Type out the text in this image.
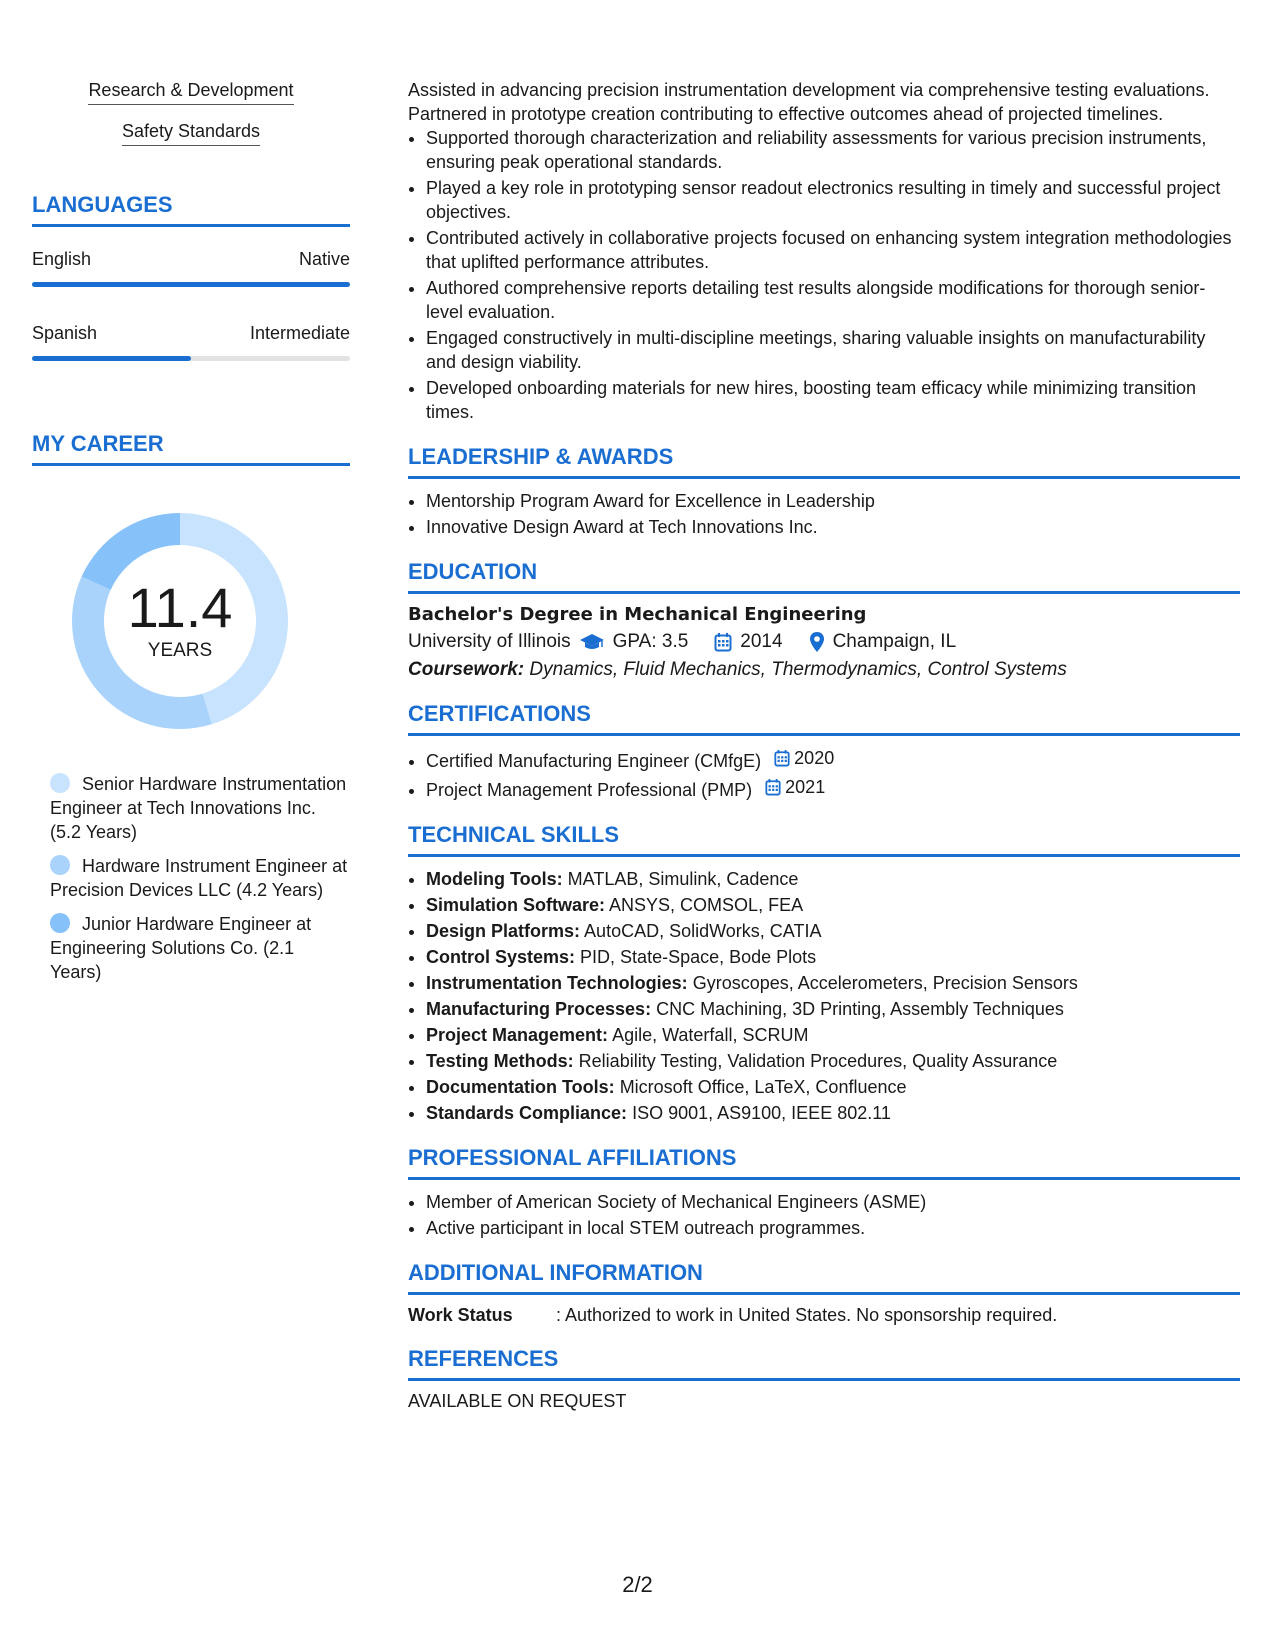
Research & Development
Safety Standards
LANGUAGES
English	Native
Spanish	Intermediate
MY CAREER
11.4
YEARS
Senior Hardware Instrumentation Engineer at Tech Innovations Inc. (5.2 Years)
Hardware Instrument Engineer at Precision Devices LLC (4.2 Years)
Junior Hardware Engineer at Engineering Solutions Co. (2.1 Years)

Assisted in advancing precision instrumentation development via comprehensive testing evaluations. Partnered in prototype creation contributing to effective outcomes ahead of projected timelines.

• Supported thorough characterization and reliability assessments for various precision instruments, ensuring peak operational standards.
• Played a key role in prototyping sensor readout electronics resulting in timely and successful project objectives.
• Contributed actively in collaborative projects focused on enhancing system integration methodologies that uplifted performance attributes.
• Authored comprehensive reports detailing test results alongside modifications for thorough senior-level evaluation.
• Engaged constructively in multi-discipline meetings, sharing valuable insights on manufacturability and design viability.
• Developed onboarding materials for new hires, boosting team efficacy while minimizing transition times.
LEADERSHIP & AWARDS
• Mentorship Program Award for Excellence in Leadership
• Innovative Design Award at Tech Innovations Inc.
EDUCATION
Bachelor's Degree in Mechanical Engineering
University of Illinois GPA: 3.5	2014	Champaign, IL

Coursework: Dynamics, Fluid Mechanics, Thermodynamics, Control Systems

CERTIFICATIONS
• Certified Manufacturing Engineer (CMfgE) 2020
• Project Management Professional (PMP) 2021
TECHNICAL SKILLS
• Modeling Tools: MATLAB, Simulink, Cadence
• Simulation Software: ANSYS, COMSOL, FEA
• Design Platforms: AutoCAD, SolidWorks, CATIA
• Control Systems: PID, State-Space, Bode Plots
• Instrumentation Technologies: Gyroscopes, Accelerometers, Precision Sensors
• Manufacturing Processes: CNC Machining, 3D Printing, Assembly Techniques
• Project Management: Agile, Waterfall, SCRUM
• Testing Methods: Reliability Testing, Validation Procedures, Quality Assurance
• Documentation Tools: Microsoft Office, LaTeX, Confluence
• Standards Compliance: ISO 9001, AS9100, IEEE 802.11
PROFESSIONAL AFFILIATIONS
• Member of American Society of Mechanical Engineers (ASME)
• Active participant in local STEM outreach programmes.
ADDITIONAL INFORMATION
Work Status	: Authorized to work in United States. No sponsorship required.
REFERENCES
AVAILABLE ON REQUEST
2/2
